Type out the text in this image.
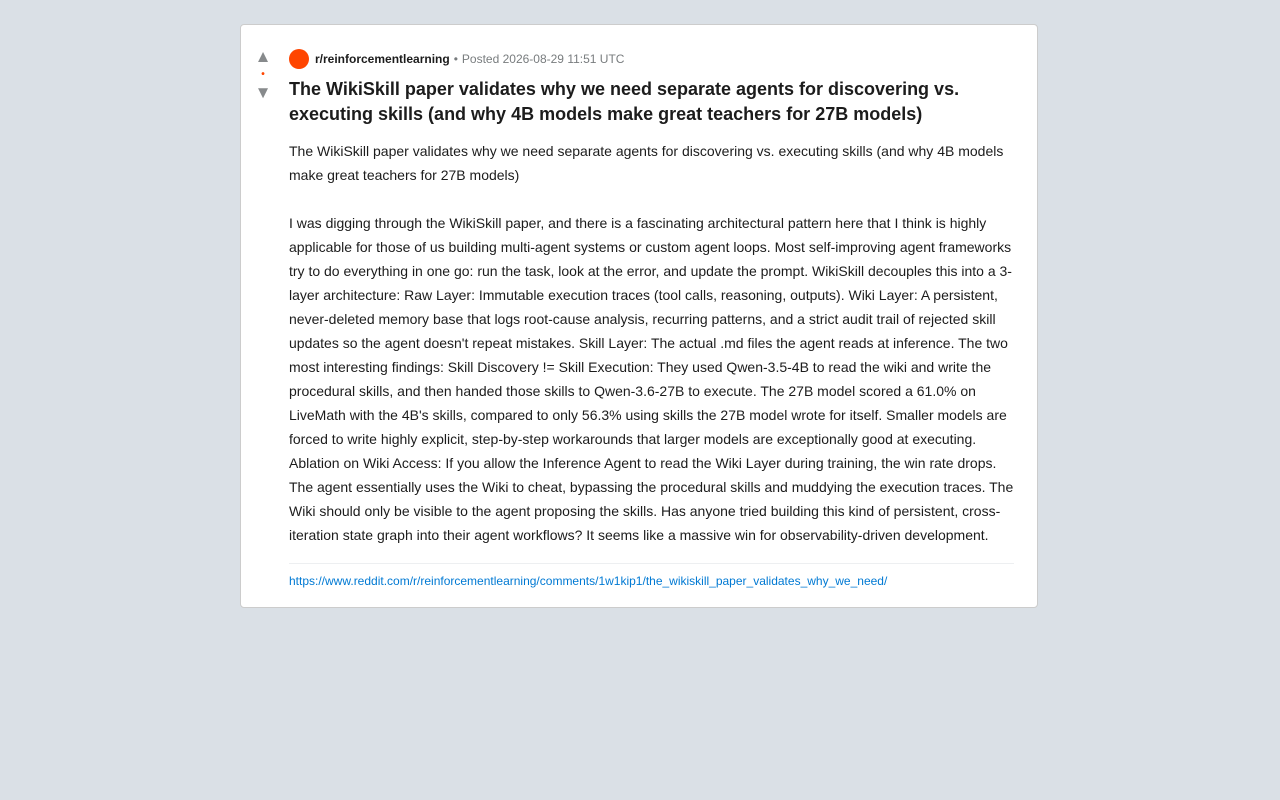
▲
•
▼
r/reinforcementlearning • Posted 2026-08-29 11:51 UTC
The WikiSkill paper validates why we need separate agents for discovering vs. executing skills (and why 4B models make great teachers for 27B models)

The WikiSkill paper validates why we need separate agents for discovering vs. executing skills (and why 4B models make great teachers for 27B models)

I was digging through the WikiSkill paper, and there is a fascinating architectural pattern here that I think is highly applicable for those of us building multi-agent systems or custom agent loops. Most self-improving agent frameworks try to do everything in one go: run the task, look at the error, and update the prompt. WikiSkill decouples this into a 3-layer architecture: Raw Layer: Immutable execution traces (tool calls, reasoning, outputs). Wiki Layer: A persistent, never-deleted memory base that logs root-cause analysis, recurring patterns, and a strict audit trail of rejected skill updates so the agent doesn't repeat mistakes. Skill Layer: The actual .md files the agent reads at inference. The two most interesting findings: Skill Discovery != Skill Execution: They used Qwen-3.5-4B to read the wiki and write the procedural skills, and then handed those skills to Qwen-3.6-27B to execute. The 27B model scored a 61.0% on LiveMath with the 4B's skills, compared to only 56.3% using skills the 27B model wrote for itself. Smaller models are forced to write highly explicit, step-by-step workarounds that larger models are exceptionally good at executing. Ablation on Wiki Access: If you allow the Inference Agent to read the Wiki Layer during training, the win rate drops. The agent essentially uses the Wiki to cheat, bypassing the procedural skills and muddying the execution traces. The Wiki should only be visible to the agent proposing the skills. Has anyone tried building this kind of persistent, cross-iteration state graph into their agent workflows? It seems like a massive win for observability-driven development.

https://www.reddit.com/r/reinforcementlearning/comments/1w1kip1/the_wikiskill_paper_validates_why_we_need/
